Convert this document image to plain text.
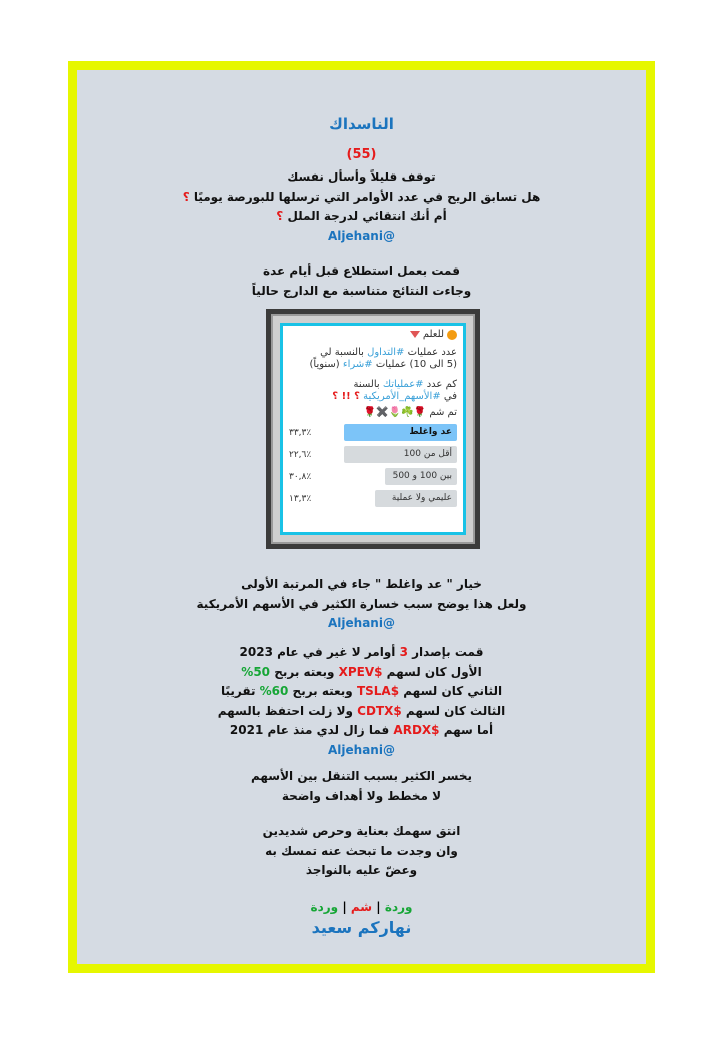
الناسداك
(55)
توقف قليلاً وأسأل نفسك
هل تسابق الريح في عدد الأوامر التي ترسلها للبورصة يوميًا ؟
أم أنك انتقائي لدرجة الملل ؟
@Aljehani
قمت بعمل استطلاع قبل أيام عدة
وجاءت النتائج متناسبة مع الدارج حالياً
للعلم
عدد عمليات #التداول بالنسبة لي
(5 الى 10) عمليات #شراء (سنوياً)
كم عدد #عملياتك بالسنة
في #الأسهم_الأمريكية ؟ !! ؟
تم شم 🌹☘️🌷✖️🌹
عد واغلط
٣٣,٣٪
أقل من 100
٢٢,٦٪
بين 100 و 500
٣٠,٨٪
عليمي ولا عملية
١٣,٣٪
خيار " عد واغلط " جاء في المرتبة الأولى
ولعل هذا يوضح سبب خسارة الكثير في الأسهم الأمريكية
@Aljehani
قمت بإصدار 3 أوامر لا غير في عام 2023
الأول كان لسهم $XPEV وبعته بربح 50%
الثاني كان لسهم $TSLA وبعته بربح 60% تقريبًا
الثالث كان لسهم $CDTX ولا زلت احتفظ بالسهم
أما سهم $ARDX فما زال لدي منذ عام 2021
@Aljehani
يخسر الكثير بسبب التنقل بين الأسهم
لا مخطط ولا أهداف واضحة
انتق سهمك بعناية وحرص شديدين
وان وجدت ما تبحث عنه تمسك به
وعضّ عليه بالنواجذ
وردة | شم | وردة
نهاركم سعيد
